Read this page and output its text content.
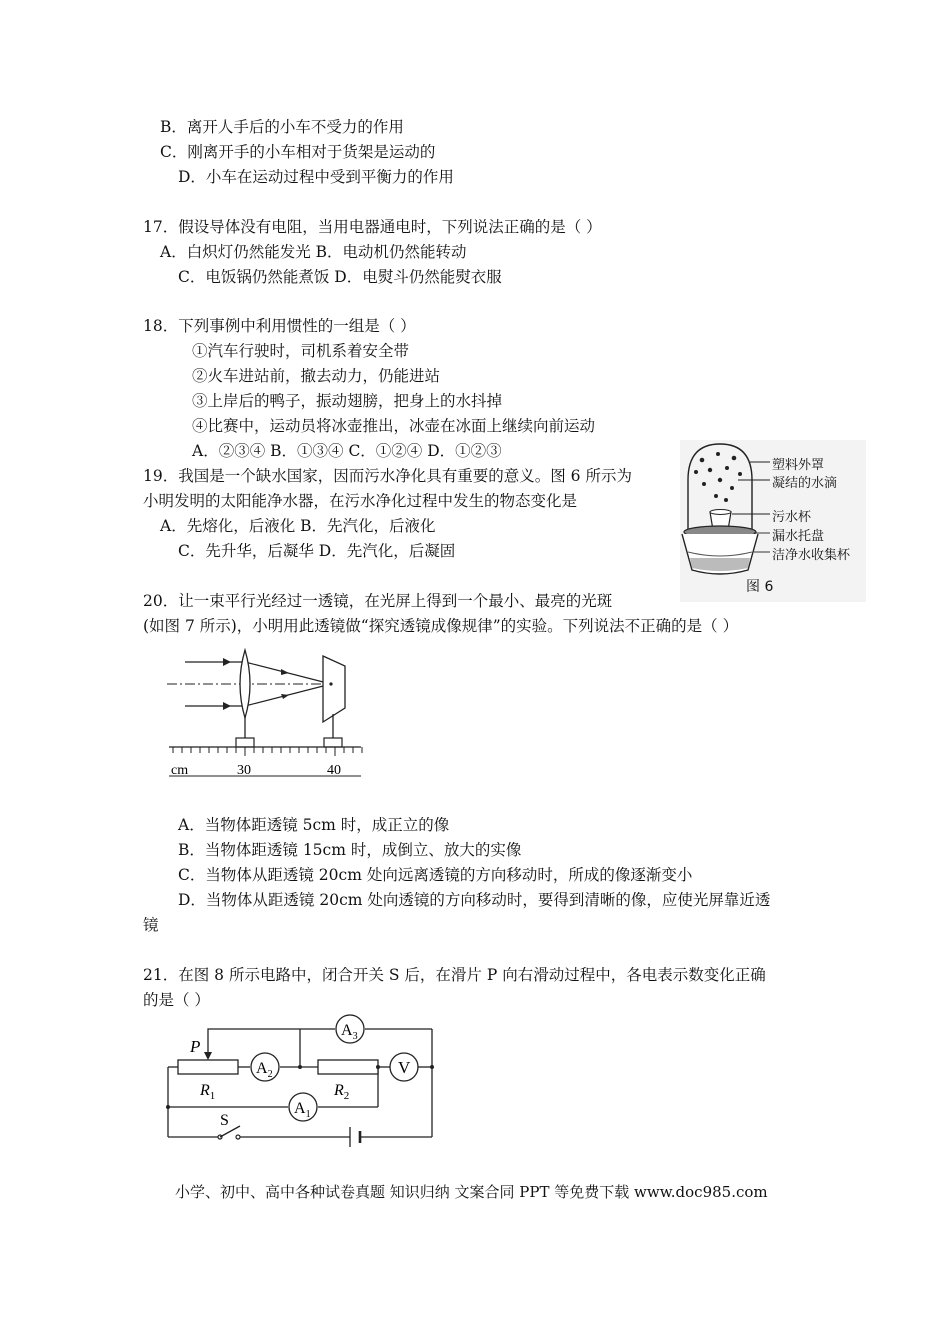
B．离开人手后的小车不受力的作用
C．刚离开手的小车相对于货架是运动的
D．小车在运动过程中受到平衡力的作用
17．假设导体没有电阻，当用电器通电时，下列说法正确的是（ ）
A．白炽灯仍然能发光 B．电动机仍然能转动
C．电饭锅仍然能煮饭 D．电熨斗仍然能熨衣服
18．下列事例中利用惯性的一组是（ ）
①汽车行驶时，司机系着安全带
②火车进站前，撤去动力，仍能进站
③上岸后的鸭子，振动翅膀，把身上的水抖掉
④比赛中，运动员将冰壶推出，冰壶在冰面上继续向前运动
A．②③④ B．①③④ C．①②④ D．①②③
19．我国是一个缺水国家，因而污水净化具有重要的意义。图 6 所示为
小明发明的太阳能净水器，在污水净化过程中发生的物态变化是
A．先熔化，后液化 B．先汽化，后液化
C．先升华，后凝华 D．先汽化，后凝固
塑料外罩
凝结的水滴
污水杯
漏水托盘
洁净水收集杯
图 6
20．让一束平行光经过一透镜，在光屏上得到一个最小、最亮的光斑
(如图 7 所示)，小明用此透镜做“探究透镜成像规律”的实验。下列说法不正确的是（ ）
cm	30	40
A．当物体距透镜 5cm 时，成正立的像
B．当物体距透镜 15cm 时，成倒立、放大的实像
C．当物体从距透镜 20cm 处向远离透镜的方向移动时，所成的像逐渐变小
D．当物体从距透镜 20cm 处向透镜的方向移动时，要得到清晰的像，应使光屏靠近透
镜
21．在图 8 所示电路中，闭合开关 S 后，在滑片 P 向右滑动过程中，各电表示数变化正确
的是（ ）
P
$R_1$	$R_2$
$A_2$
$A_3$
$A_1$
V
S
小学、初中、高中各种试卷真题 知识归纳 文案合同 PPT 等免费下载 www.doc985.com
